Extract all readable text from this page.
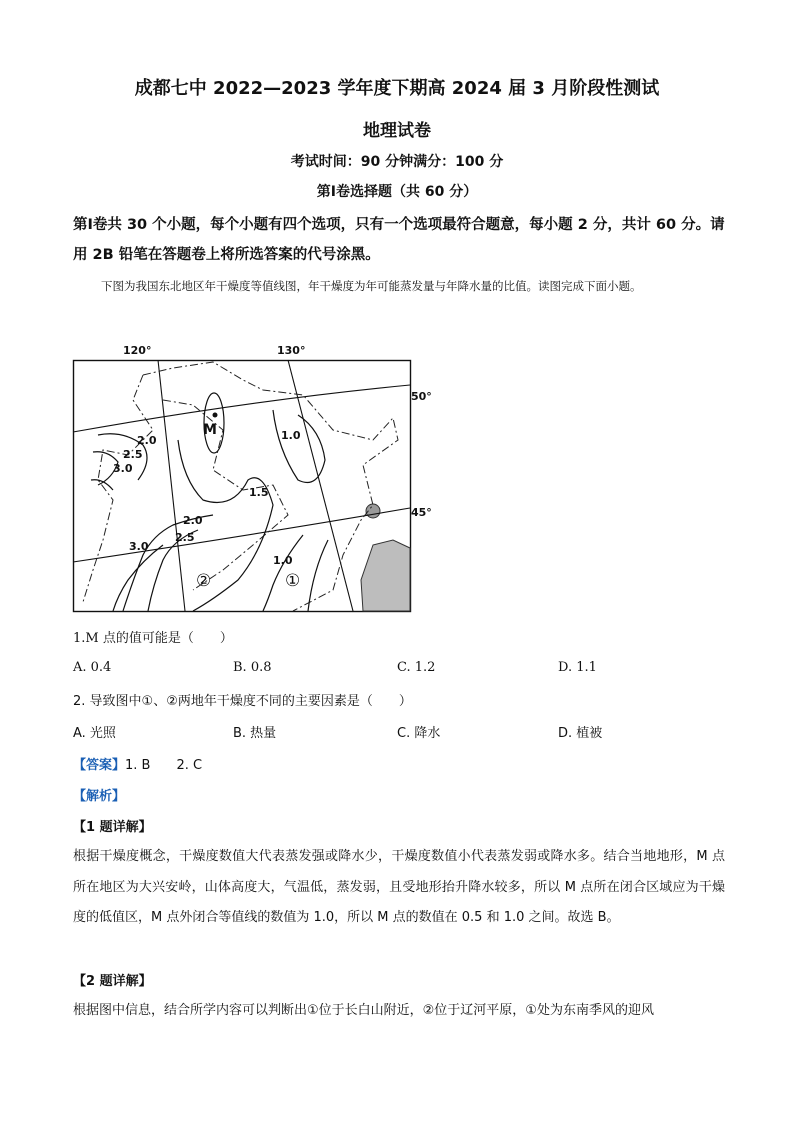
成都七中 2022—2023 学年度下期高 2024 届 3 月阶段性测试
地理试卷
考试时间：90 分钟满分：100 分
第Ⅰ卷选择题（共 60 分）
第Ⅰ卷共 30 个小题，每个小题有四个选项，只有一个选项最符合题意，每小题 2 分，共计 60 分。请用 2B 铅笔在答题卷上将所选答案的代号涂黑。
下图为我国东北地区年干燥度等值线图，年干燥度为年可能蒸发量与年降水量的比值。读图完成下面小题。
120°	130°
50°
45°
M
2.0
2.5
3.0
1.0
1.5
2.0
2.5
3.0
1.0
②	①
1.M 点的值可能是（　　）
A. 0.4	B. 0.8	C. 1.2	D. 1.1
2. 导致图中①、②两地年干燥度不同的主要因素是（　　）
A. 光照	B. 热量	C. 降水	D. 植被
【答案】1. B　　2. C
【解析】
【1 题详解】
根据干燥度概念，干燥度数值大代表蒸发强或降水少，干燥度数值小代表蒸发弱或降水多。结合当地地形，M 点所在地区为大兴安岭，山体高度大，气温低，蒸发弱，且受地形抬升降水较多，所以 M 点所在闭合区域应为干燥度的低值区，M 点外闭合等值线的数值为 1.0，所以 M 点的数值在 0.5 和 1.0 之间。故选 B。
【2 题详解】
根据图中信息，结合所学内容可以判断出①位于长白山附近，②位于辽河平原，①处为东南季风的迎风
